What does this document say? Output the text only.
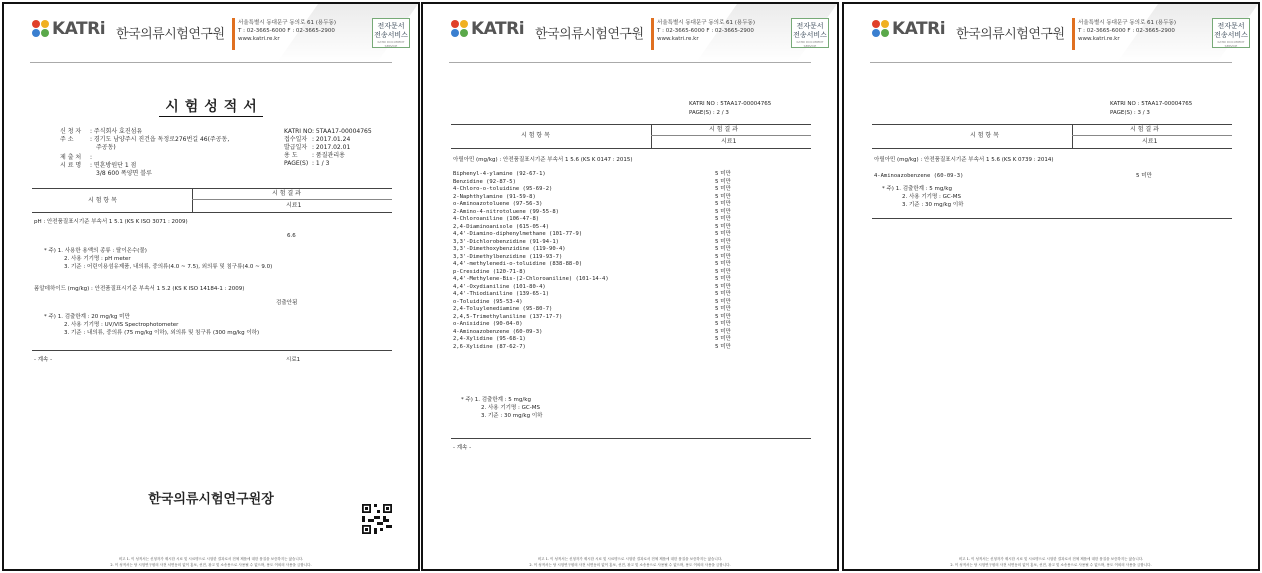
KATRi 한국의류시험연구원
서울특별시 동대문구 동의로 61 (용두동)
T : 02-3665-6000 F : 02-3665-2900
www.katri.re.kr
전자문서
전송서비스
KATRI DOCUMENT SERVICE
시험성적서
신 청 자 : 주식회사 효진섬유
주 소	: 경기도 남양주시 진건읍 독정로276번길 46(주공동,
주공동)
제 출 처 :
시 료 명 : 면혼방원단 1 점
3/8 600 폭양면 블루
KATRI NO : 5TAA17-00004765
접수일자 : 2017.01.24
발급일자 : 2017.02.01
용 도 : 품질관리용
PAGE(S) : 1 / 3
시 험 항 목
시 험 결 과
시료1
pH : 안전품질표시기준 부속서 1 5.1 (KS K ISO 3071 : 2009)
6.6
* 주) 1. 사용한 용액의 종류 : 탈이온수(물)
2. 사용 기기명 : pH meter
3. 기준 : 어린이용섬유제품, 내의류, 중의류(4.0 ~ 7.5), 외의류 및 침구류(4.0 ~ 9.0)
폼알데하이드 (mg/kg) : 안전품질표시기준 부속서 1 5.2 (KS K ISO 14184-1 : 2009)
검출안됨
* 주) 1. 검출한계 : 20 mg/kg 미만
2. 사용 기기명 : UV/VIS Spectrophotometer
3. 기준 : 내의류, 중의류 (75 mg/kg 이하), 외의류 및 침구류 (300 mg/kg 이하)
- 계속 -	시료1
한국의류시험연구원장
비고 1. 이 성적서는 신청자가 제시한 시료 및 시료명으로 시험한 결과로서 전체 제품에 대한 품질을 보증하지는 않습니다.
2. 이 성적서는 당 시험연구원의 사전 서면동의 없이 홍보, 선전, 광고 및 소송용으로 사용될 수 없으며, 용도 이외의 사용을 금합니다.
KATRi 한국의류시험연구원
서울특별시 동대문구 동의로 61 (용두동)
T : 02-3665-6000 F : 02-3665-2900
www.katri.re.kr
전자문서
전송서비스
KATRI DOCUMENT SERVICE
KATRI NO : 5TAA17-00004765
PAGE(S) : 2 / 3
시 험 항 목
시 험 결 과
시료1
아릴아민 (mg/kg) : 안전품질표시기준 부속서 1 5.6 (KS K 0147 : 2015)
Biphenyl-4-ylamine (92-67-1)	5 미만
Benzidine (92-87-5)	5 미만
4-Chloro-o-toluidine (95-69-2)	5 미만
2-Naphthylamine (91-59-8)	5 미만
o-Aminoazotoluene (97-56-3)	5 미만
2-Amino-4-nitrotoluene (99-55-8)	5 미만
4-Chloroaniline (106-47-8)	5 미만
2,4-Diaminoanisole (615-05-4)	5 미만
4,4'-Diamino-diphenylmethane (101-77-9)	5 미만
3,3'-Dichlorobenzidine (91-94-1)	5 미만
3,3'-Dimethoxybenzidine (119-90-4)	5 미만
3,3'-Dimethylbenzidine (119-93-7)	5 미만
4,4'-methylenedi-o-toluidine (838-88-0)	5 미만
p-Cresidine (120-71-8)	5 미만
4,4'-Methylene-Bis-(2-Chloroaniline) (101-14-4)	5 미만
4,4'-Oxydianiline (101-80-4)	5 미만
4,4'-Thiodianiline (139-65-1)	5 미만
o-Toluidine (95-53-4)	5 미만
2,4-Toluylenediamine (95-80-7)	5 미만
2,4,5-Trimethylaniline (137-17-7)	5 미만
o-Anisidine (90-04-0)	5 미만
4-Aminoazobenzene (60-09-3)	5 미만
2,4-Xylidine (95-68-1)	5 미만
2,6-Xylidine (87-62-7)	5 미만
* 주) 1. 검출한계 : 5 mg/kg
2. 사용 기기명 : GC-MS
3. 기준 : 30 mg/kg 이하
- 계속 -
비고 1. 이 성적서는 신청자가 제시한 시료 및 시료명으로 시험한 결과로서 전체 제품에 대한 품질을 보증하지는 않습니다.
2. 이 성적서는 당 시험연구원의 사전 서면동의 없이 홍보, 선전, 광고 및 소송용으로 사용될 수 없으며, 용도 이외의 사용을 금합니다.
KATRi 한국의류시험연구원
서울특별시 동대문구 동의로 61 (용두동)
T : 02-3665-6000 F : 02-3665-2900
www.katri.re.kr
전자문서
전송서비스
KATRI DOCUMENT SERVICE
KATRI NO : 5TAA17-00004765
PAGE(S) : 3 / 3
시 험 항 목
시 험 결 과
시료1
아릴아민 (mg/kg) : 안전품질표시기준 부속서 1 5.6 (KS K 0739 : 2014)
4-Aminoazobenzene (60-09-3)	5 미만
* 주) 1. 검출한계 : 5 mg/kg
2. 사용 기기명 : GC-MS
3. 기준 : 30 mg/kg 이하
비고 1. 이 성적서는 신청자가 제시한 시료 및 시료명으로 시험한 결과로서 전체 제품에 대한 품질을 보증하지는 않습니다.
2. 이 성적서는 당 시험연구원의 사전 서면동의 없이 홍보, 선전, 광고 및 소송용으로 사용될 수 없으며, 용도 이외의 사용을 금합니다.
